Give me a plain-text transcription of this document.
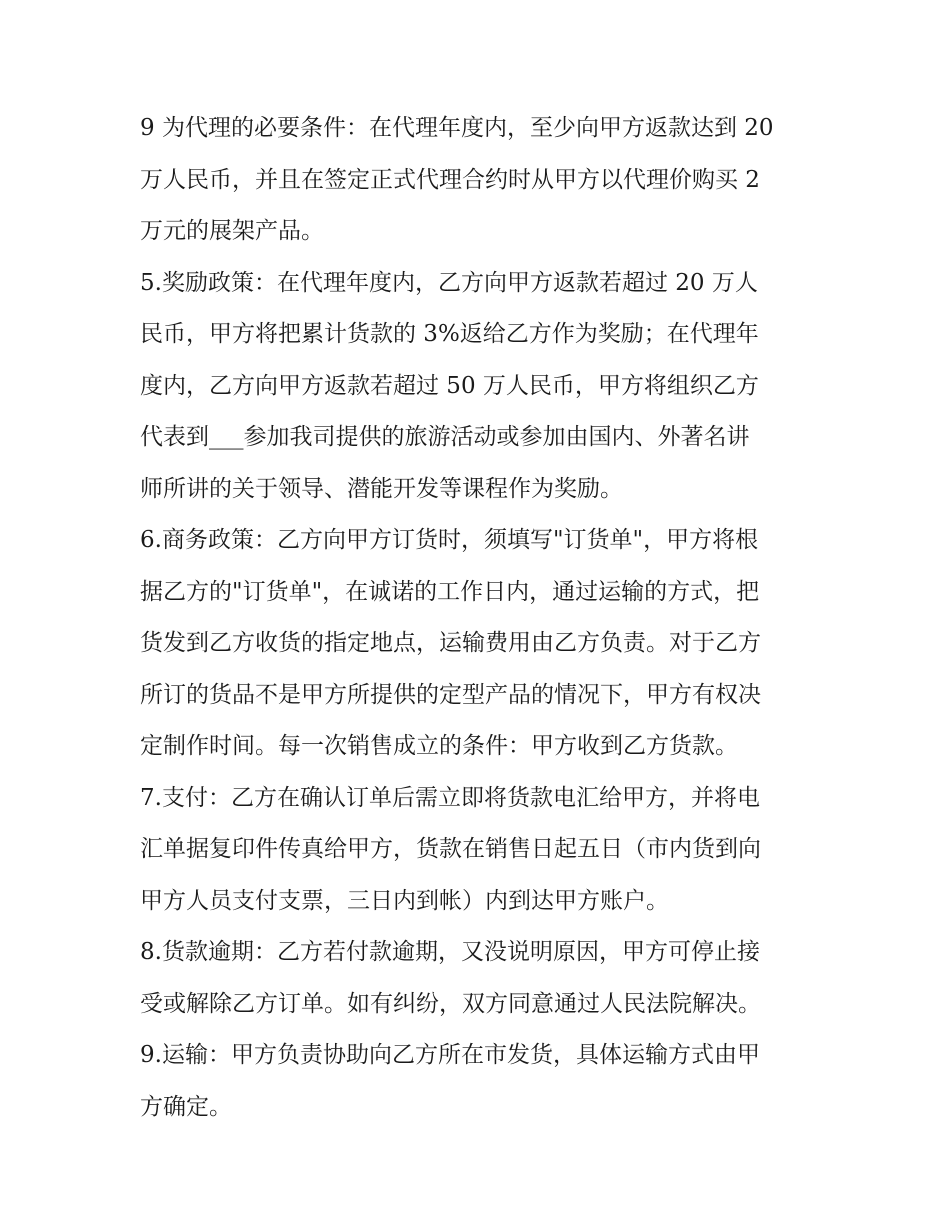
9 为代理的必要条件：在代理年度内，至少向甲方返款达到 20
万人民币，并且在签定正式代理合约时从甲方以代理价购买 2
万元的展架产品。
5.奖励政策：在代理年度内，乙方向甲方返款若超过 20 万人
民币，甲方将把累计货款的 3%返给乙方作为奖励；在代理年
度内，乙方向甲方返款若超过 50 万人民币，甲方将组织乙方
代表到___参加我司提供的旅游活动或参加由国内、外著名讲
师所讲的关于领导、潜能开发等课程作为奖励。
6.商务政策：乙方向甲方订货时，须填写"订货单"，甲方将根
据乙方的"订货单"，在诚诺的工作日内，通过运输的方式，把
货发到乙方收货的指定地点，运输费用由乙方负责。对于乙方
所订的货品不是甲方所提供的定型产品的情况下，甲方有权决
定制作时间。每一次销售成立的条件：甲方收到乙方货款。
7.支付：乙方在确认订单后需立即将货款电汇给甲方，并将电
汇单据复印件传真给甲方，货款在销售日起五日（市内货到向
甲方人员支付支票，三日内到帐）内到达甲方账户。
8.货款逾期：乙方若付款逾期，又没说明原因，甲方可停止接
受或解除乙方订单。如有纠纷，双方同意通过人民法院解决。
9.运输：甲方负责协助向乙方所在市发货，具体运输方式由甲
方确定。
